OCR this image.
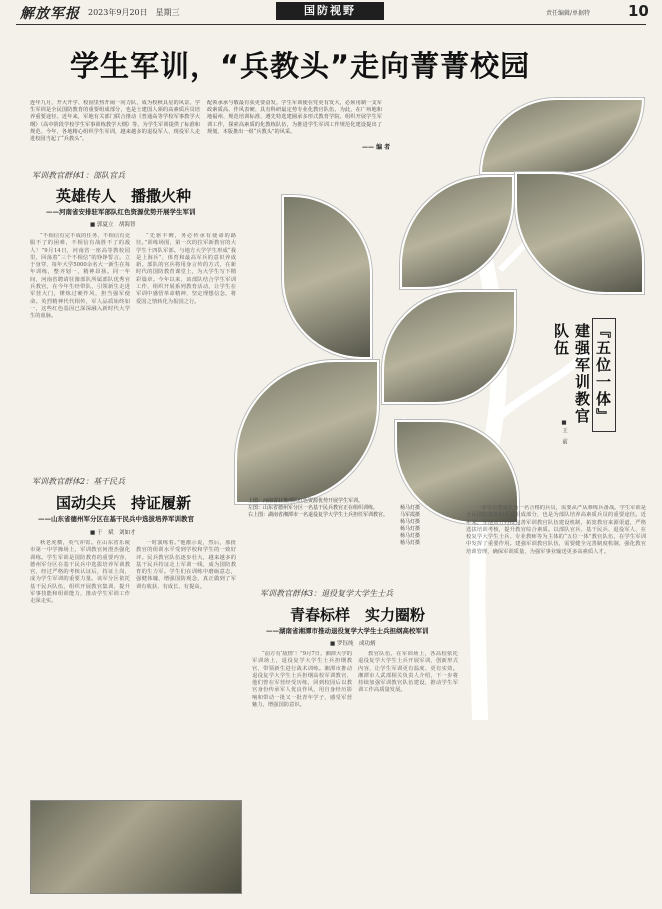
解放军报 2023年9月20日　星期三	国防视野	责任编辑/单据特	10
学生军训，“兵教头”走向菁菁校园
连年九月，开大开学、校园里热开闹一向力队，成为校秋具星的风景。学生军训是全民国防教育的重要组成部分，也是士建国人须的高素质兵员培养重要途径。近年来，军地有关部门联合推动《普通高等学校军事教学大纲》（高中阶段学校学生军事训练教学大纲》等，为学生军训提供了标准和规范。今年，各地精心组织学生军训，越来越多的退役军人、现役军人走进校园当起了“兵教头”。
配领承承与敬最有获更要奋发。学生军训使在党更有发大，必须用制一支军政素质高、作风表硬、具有科研最定势专业化教官队伍。为此，在广州地和地福州、规范培训标准、遵先特选建圈承多形式教育学院、组织开展学生军训工作，探索高素质的化教练队伍，为推进学生军训工作规范化建设提出了规划。本版推出一组“兵教头”的风采。
—— 编 者
军训教官群体1：部队官兵
英雄传人　播撒火种
——河南省安排驻军部队红色资源优势开展学生军训
■ 郭夏立　胡海智
“不相信有完不成的任务，不相信有克服不了的困难，不相信有战胜不了的敌人！”9月14日，河南省一座高等教校园里，回荡着“三个不相信”的铮铮誓言。立于身穿，每年大学5000余名大一新生在每年训练，整齐划一，精神昂扬。同一年间，河南省聘请驻豫部队所属部队优秀官兵教官，在今年生经带队，引领新生走进军营大门，锤炼过硬作风，担当强军使命。英烈精神代代相传，军人品质始终如一，这些红色基因已深深融入新时代大学生的血脉。
“先驱丰碑，务必传承有使命的路径。”训练场围，第一次的拉军新教官的大学生十四队军部。与地方大学学生形成“我是上海兵”，体育和最高军兵的意识养成新。部队的官兵将用身言传的方式，在新时代的国防教育课堂上，为大学生写下精彩篇章。今年以来，该部队结合学生军训工作，组织开展系列教育活动，让学生在军训中感悟革命精神，坚定理想信念，将爱国之情转化为报国之行。
军训教官群体2：基干民兵
国动尖兵　持证履新
——山东省德州军分区在基干民兵中选拔培养军训教官
■ 于　斌　刘如才
秋老虎横，英气冲霄。在山东省乐陵市第一中学操场上，军训教官何澄杰强化训练。学生军训是国防教育的重要内容，德州军分区在基干民兵中选拔培养军训教官，经过严格的考核认证后，持证上岗，成为学生军训的重要力量。该军分区依托基干民兵队伍，组织开展教官集训，提升军事技能和组训能力，推动学生军训工作走深走实。
一时演练着。”他激示说，然后，那批教官的组训水平受到学校和学生的一致好评。民兵教官队伍逐步壮大，越来越多的基干民兵持证走上军训一线，成为国防教育的生力军。学生们在训练中磨砺意志，强健体魄，增强国防观念，真正做到了军训有收获、有成长、有提高。
上图：河南省驻豫部队红色资源优势开展学生军训。
左图：山东省德州军分区一名基干民兵教官正在组织训练。
右上图：湖南省湘潭市一名退役复学大学生士兵担任军训教官。
杨马灯摄
马军霞摄
杨马灯摄
杨马灯摄
杨马灯摄
杨马灯摄
军训教官群体3：退役复学大学生士兵
青春标样　实力圈粉
——湖南省湘潭市推动退役复学大学生士兵担纲高校军训
■ 罗钰纯　成功炳
“前方有‘敌情’！”9月7日，湘潭大学的军训场上，退役复学大学生士兵担纲教官，带领新生进行战术训练。湘潭市推动退役复学大学生士兵担纲高校军训教官，他们曾在军营经受历练，回到校园后以教官身份传承军人优良作风，用自身经历影响和带动一批又一批青年学子，感受军营魅力，增强国防意识。
教官队伍，在军训场上，各高校依托退役复学大学生士兵开展军训，创新形式内容，让学生军训更有温度、更有实效。湘潭市人武部相关负责人介绍，下一步将持续加强军训教官队伍建设，推动学生军训工作高质量发展。
『五位一体』建强军训教官队伍
■ 王　前
一名学员要成长为一名合格的兵员，需要从严从难练兵备战。学生军训是全民国防教育的重要组成部分，也是为部队培养高素质兵员的重要途径。近年来，军地双方持续完善军训教官队伍建设机制，拓宽教官来源渠道，严格选拔培训考核，提升教官综合素质。以部队官兵、基干民兵、退役军人、在校复学大学生士兵、专业教师等为主体的“五位一体”教官队伍，在学生军训中发挥了重要作用。建强军训教官队伍，需要健全完善制度机制，强化教官培训管理，确保军训质量，为强军事业输送更多高素质人才。
